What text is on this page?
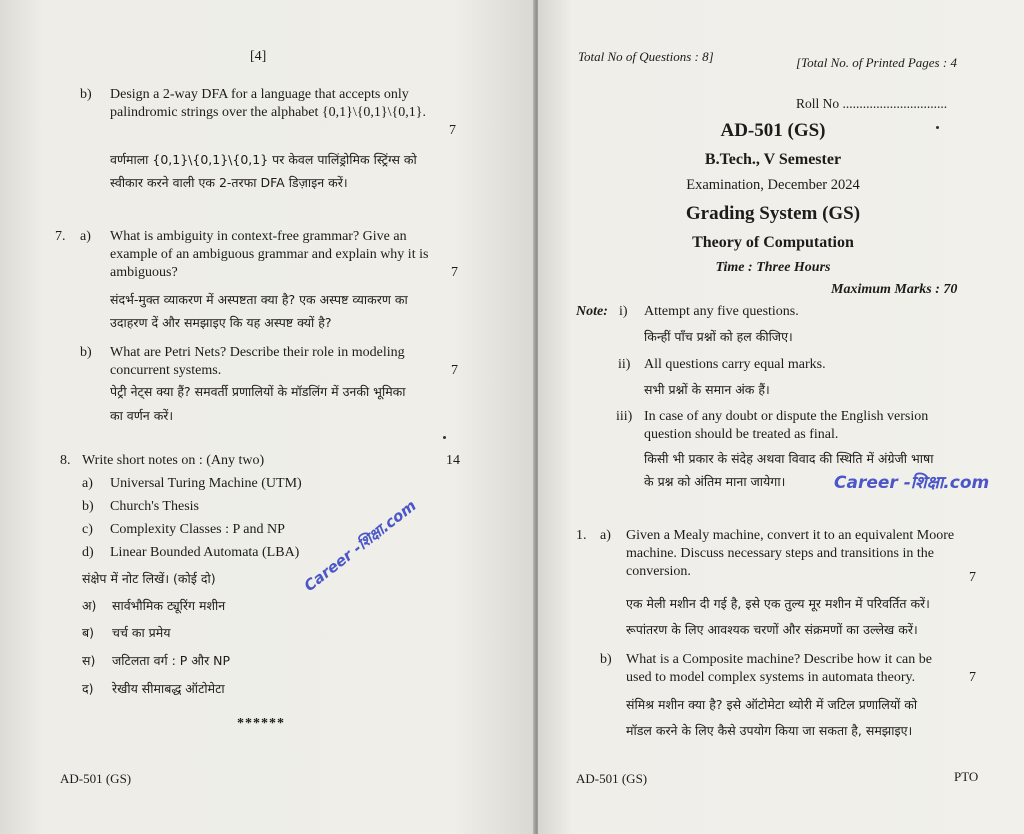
[4]
b) Design a 2-way DFA for a language that accepts only
palindromic strings over the alphabet {0,1}\{0,1}\{0,1}.
7
वर्णमाला {0,1}\{0,1}\{0,1} पर केवल पालिंड्रोमिक स्ट्रिंग्स को
स्वीकार करने वाली एक 2-तरफा DFA डिज़ाइन करें।
7. a) What is ambiguity in context-free grammar? Give an
example of an ambiguous grammar and explain why it is
ambiguous?	7
संदर्भ-मुक्त व्याकरण में अस्पष्टता क्या है? एक अस्पष्ट व्याकरण का
उदाहरण दें और समझाइए कि यह अस्पष्ट क्यों है?
b) What are Petri Nets? Describe their role in modeling
concurrent systems.	7
पेट्री नेट्स क्या हैं? समवर्ती प्रणालियों के मॉडलिंग में उनकी भूमिका
का वर्णन करें।
8. Write short notes on : (Any two)	14
a) Universal Turing Machine (UTM)
b) Church's Thesis
c) Complexity Classes : P and NP
d) Linear Bounded Automata (LBA)
संक्षेप में नोट लिखें। (कोई दो)
अ) सार्वभौमिक ट्यूरिंग मशीन
ब) चर्च का प्रमेय
स) जटिलता वर्ग : P और NP
द) रेखीय सीमाबद्ध ऑटोमेटा
Career -शिक्षा.com
******
AD-501 (GS)
Total No of Questions : 8]	[Total No. of Printed Pages : 4
Roll No ...............................
AD-501 (GS)
B.Tech., V Semester
Examination, December 2024
Grading System (GS)
Theory of Computation
Time : Three Hours
Maximum Marks : 70
Note: i) Attempt any five questions.
किन्हीं पाँच प्रश्नों को हल कीजिए।
ii) All questions carry equal marks.
सभी प्रश्नों के समान अंक हैं।
iii) In case of any doubt or dispute the English version
question should be treated as final.
किसी भी प्रकार के संदेह अथवा विवाद की स्थिति में अंग्रेजी भाषा
के प्रश्न को अंतिम माना जायेगा।	Career -शिक्षा.com
1. a) Given a Mealy machine, convert it to an equivalent Moore
machine. Discuss necessary steps and transitions in the
conversion.	7
एक मेली मशीन दी गई है, इसे एक तुल्य मूर मशीन में परिवर्तित करें।
रूपांतरण के लिए आवश्यक चरणों और संक्रमणों का उल्लेख करें।
b) What is a Composite machine? Describe how it can be
used to model complex systems in automata theory.	7
संमिश्र मशीन क्या है? इसे ऑटोमेटा थ्योरी में जटिल प्रणालियों को
मॉडल करने के लिए कैसे उपयोग किया जा सकता है, समझाइए।
AD-501 (GS)	PTO
